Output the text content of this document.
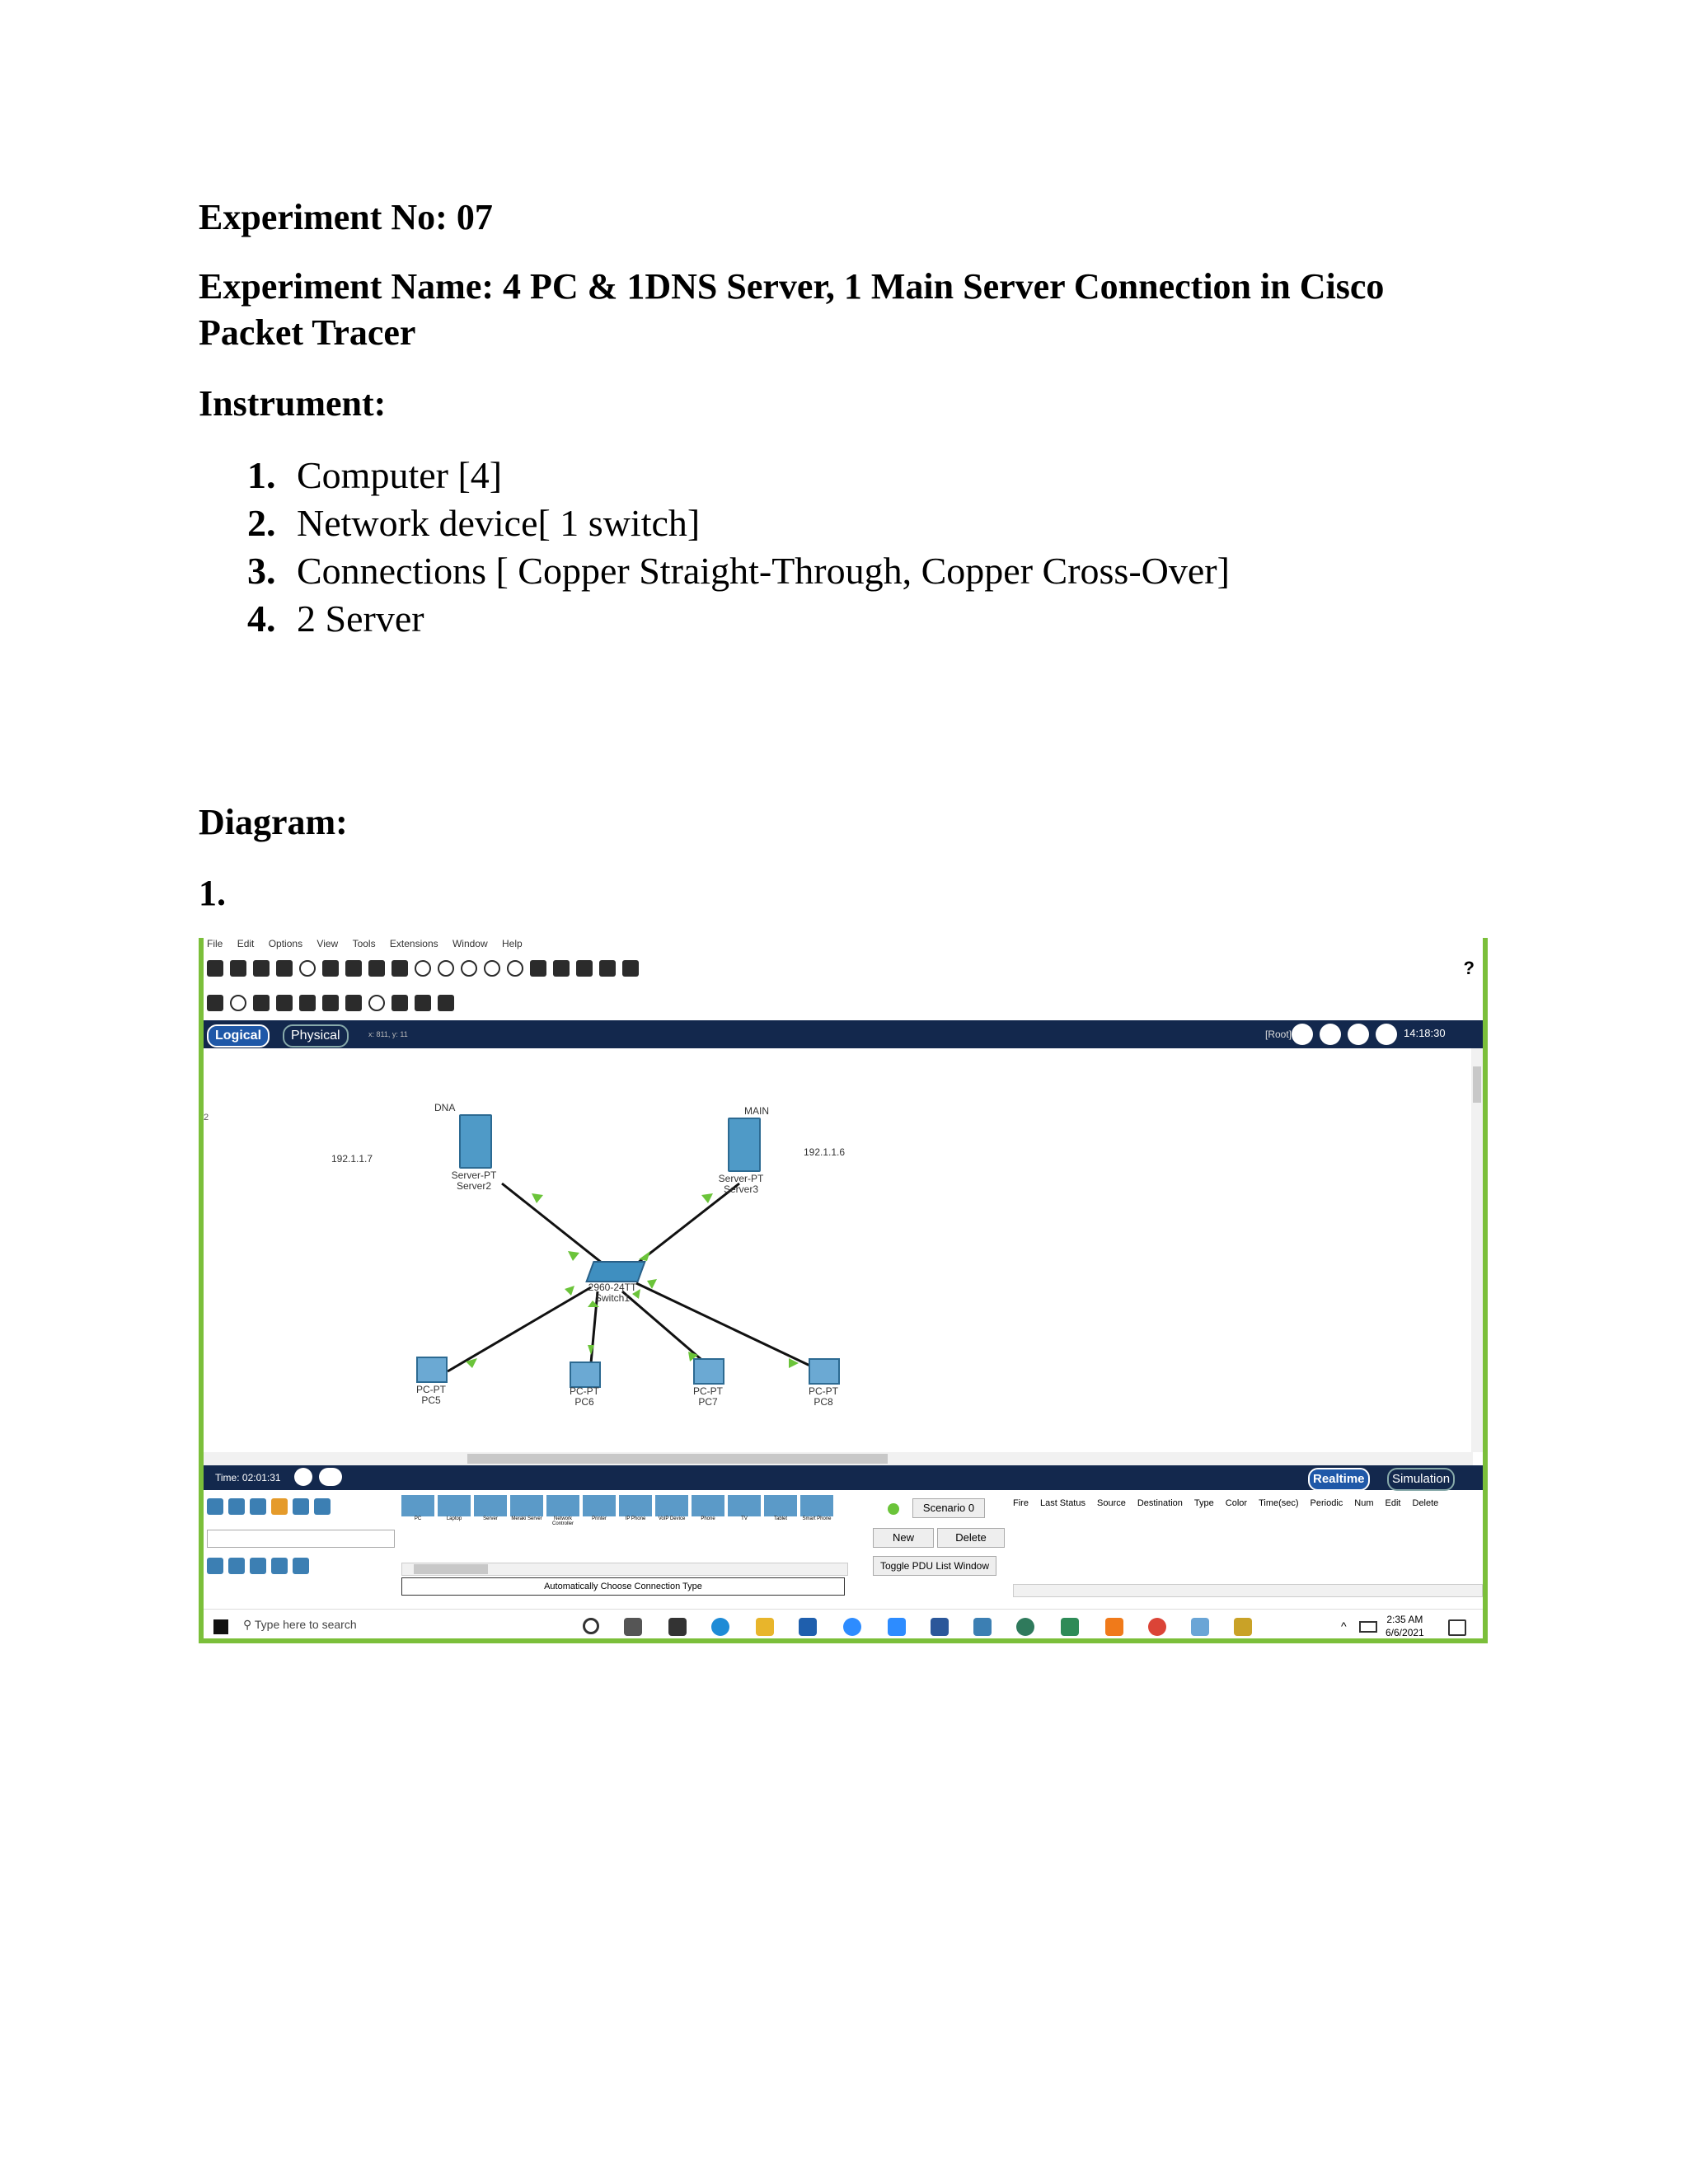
Experiment No: 07
Experiment Name: 4 PC & 1DNS Server, 1 Main Server Connection in Cisco
Packet Tracer
Instrument:
1. Computer [4]
2. Network device[ 1 switch]
3. Connections [ Copper Straight-Through, Copper Cross-Over]
4. 2 Server
Diagram:
1.
File Edit Options View Tools Extensions Window Help
?
Logical	Physical	x: 811, y: 11	[Root]	14:18:30
2
DNA
192.1.1.7
Server-PT
Server2
MAIN
192.1.1.6
Server-PT
Server3
2960-24TT
Switch1
PC-PT
PC5
PC-PT
PC6
PC-PT
PC7
PC-PT
PC8
Time: 02:01:31	Realtime	Simulation
PC	Laptop	Server	Meraki Server	Network Controller
Printer	IP Phone	VoIP Device	Phone	TV	Tablet	Smart Phone
Automatically Choose Connection Type
Scenario 0
New	Delete
Toggle PDU List Window
Fire Last Status Source Destination Type Color Time(sec) Periodic Num Edit Delete
⚲ Type here to search	^	2:35 AM
6/6/2021
